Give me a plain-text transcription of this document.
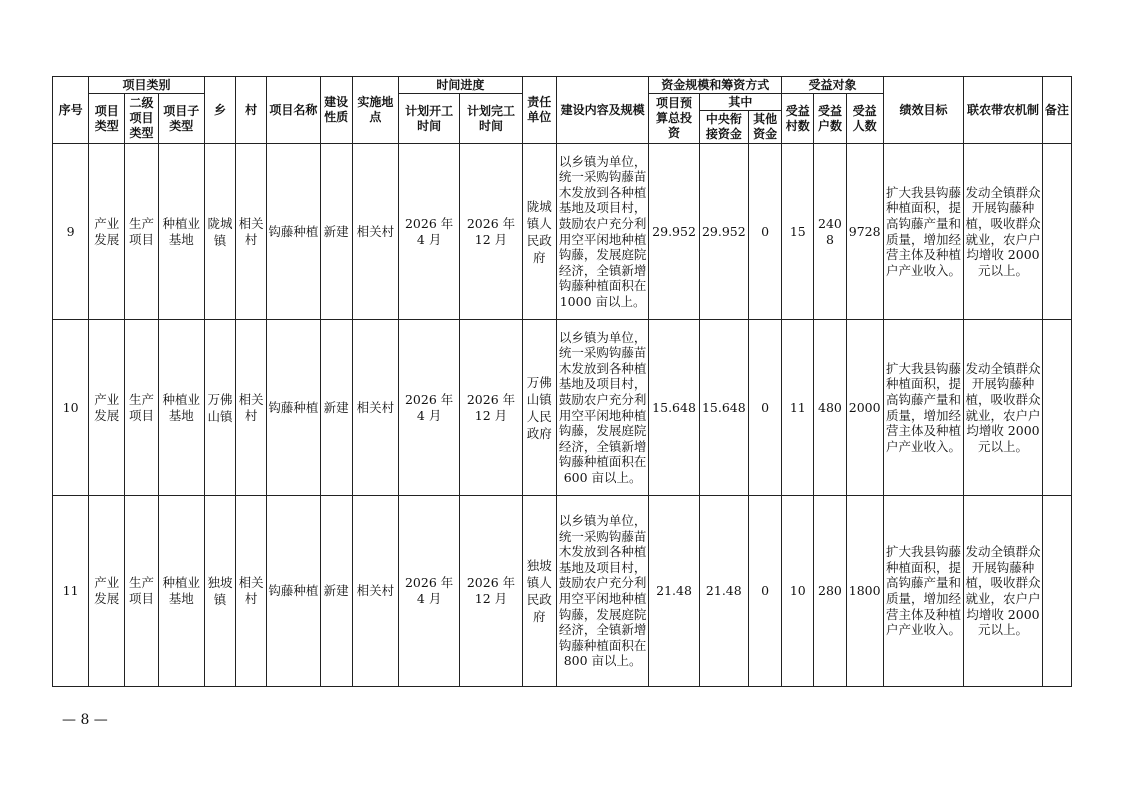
序号	项目类别			乡	村	项目名称	建设性质	实施地点	时间进度		责任单位	建设内容及规模	资金规模和筹资方式			受益对象			绩效目标	联农带农机制	备注
	项目类型	二级项目类型	项目子类型						计划开工时间	计划完工时间			项目预算总投资	其中		受益村数	受益户数	受益人数			
														中央衔接资金	其他资金						
9	产业发展	生产项目	种植业基地	陇城镇	相关村	钩藤种植	新建	相关村	2026 年 4 月	2026 年 12 月	陇城镇人民政府	以乡镇为单位，统一采购钩藤苗木发放到各种植基地及项目村，鼓励农户充分利用空平闲地种植钩藤，发展庭院经济，全镇新增钩藤种植面积在1000 亩以上。	29.952	29.952	0	15	2408	9728	扩大我县钩藤种植面积，提高钩藤产量和质量，增加经营主体及种植户产业收入。	发动全镇群众开展钩藤种植，吸收群众就业，农户户均增收 2000 元以上。	
10	产业发展	生产项目	种植业基地	万佛山镇	相关村	钩藤种植	新建	相关村	2026 年 4 月	2026 年 12 月	万佛山镇人民政府	以乡镇为单位，统一采购钩藤苗木发放到各种植基地及项目村，鼓励农户充分利用空平闲地种植钩藤，发展庭院经济，全镇新增钩藤种植面积在600 亩以上。	15.648	15.648	0	11	480	2000	扩大我县钩藤种植面积，提高钩藤产量和质量，增加经营主体及种植户产业收入。	发动全镇群众开展钩藤种植，吸收群众就业，农户户均增收 2000 元以上。	
11	产业发展	生产项目	种植业基地	独坡镇	相关村	钩藤种植	新建	相关村	2026 年 4 月	2026 年 12 月	独坡镇人民政府	以乡镇为单位，统一采购钩藤苗木发放到各种植基地及项目村，鼓励农户充分利用空平闲地种植钩藤，发展庭院经济，全镇新增钩藤种植面积在800 亩以上。	21.48	21.48	0	10	280	1800	扩大我县钩藤种植面积，提高钩藤产量和质量，增加经营主体及种植户产业收入。	发动全镇群众开展钩藤种植，吸收群众就业，农户户均增收 2000 元以上。	
— 8 —
